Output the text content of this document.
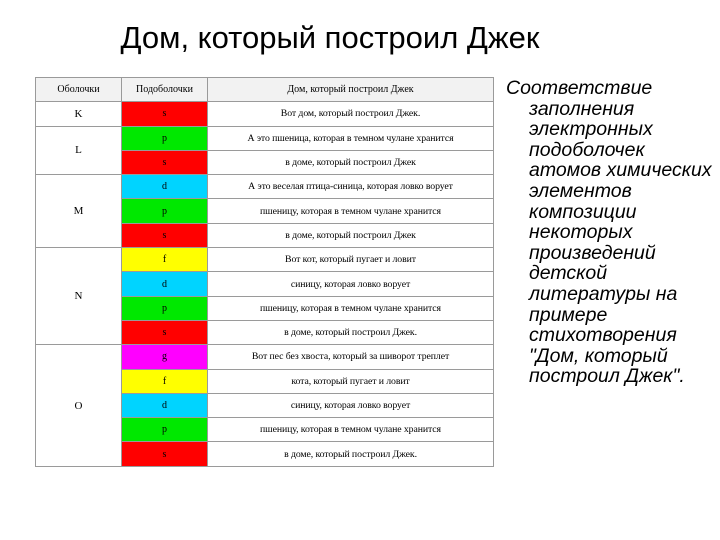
Дом, который построил Джек
Оболочки	Подоболочки	Дом, который построил Джек
K	s	Вот дом, который построил Джек.
L	p	А это пшеница, которая в темном чулане хранится
	s	в доме, который построил Джек
M	d	А это веселая птица-синица, которая ловко ворует
	p	пшеницу, которая в темном чулане хранится
	s	в доме, который построил Джек
N	f	Вот кот, который пугает и ловит
	d	синицу, которая ловко ворует
	p	пшеницу, которая в темном чулане хранится
	s	в доме, который построил Джек.
O	g	Вот пес без хвоста, который за шиворот треплет
	f	кота, который пугает и ловит
	d	синицу, которая ловко ворует
	p	пшеницу, которая в темном чулане хранится
	s	в доме, который построил Джек.
Соответствие
заполнения электронных подоболочек атомов химических элементов композиции некоторых произведений детской литературы на примере стихотворения "Дом, который построил Джек".
